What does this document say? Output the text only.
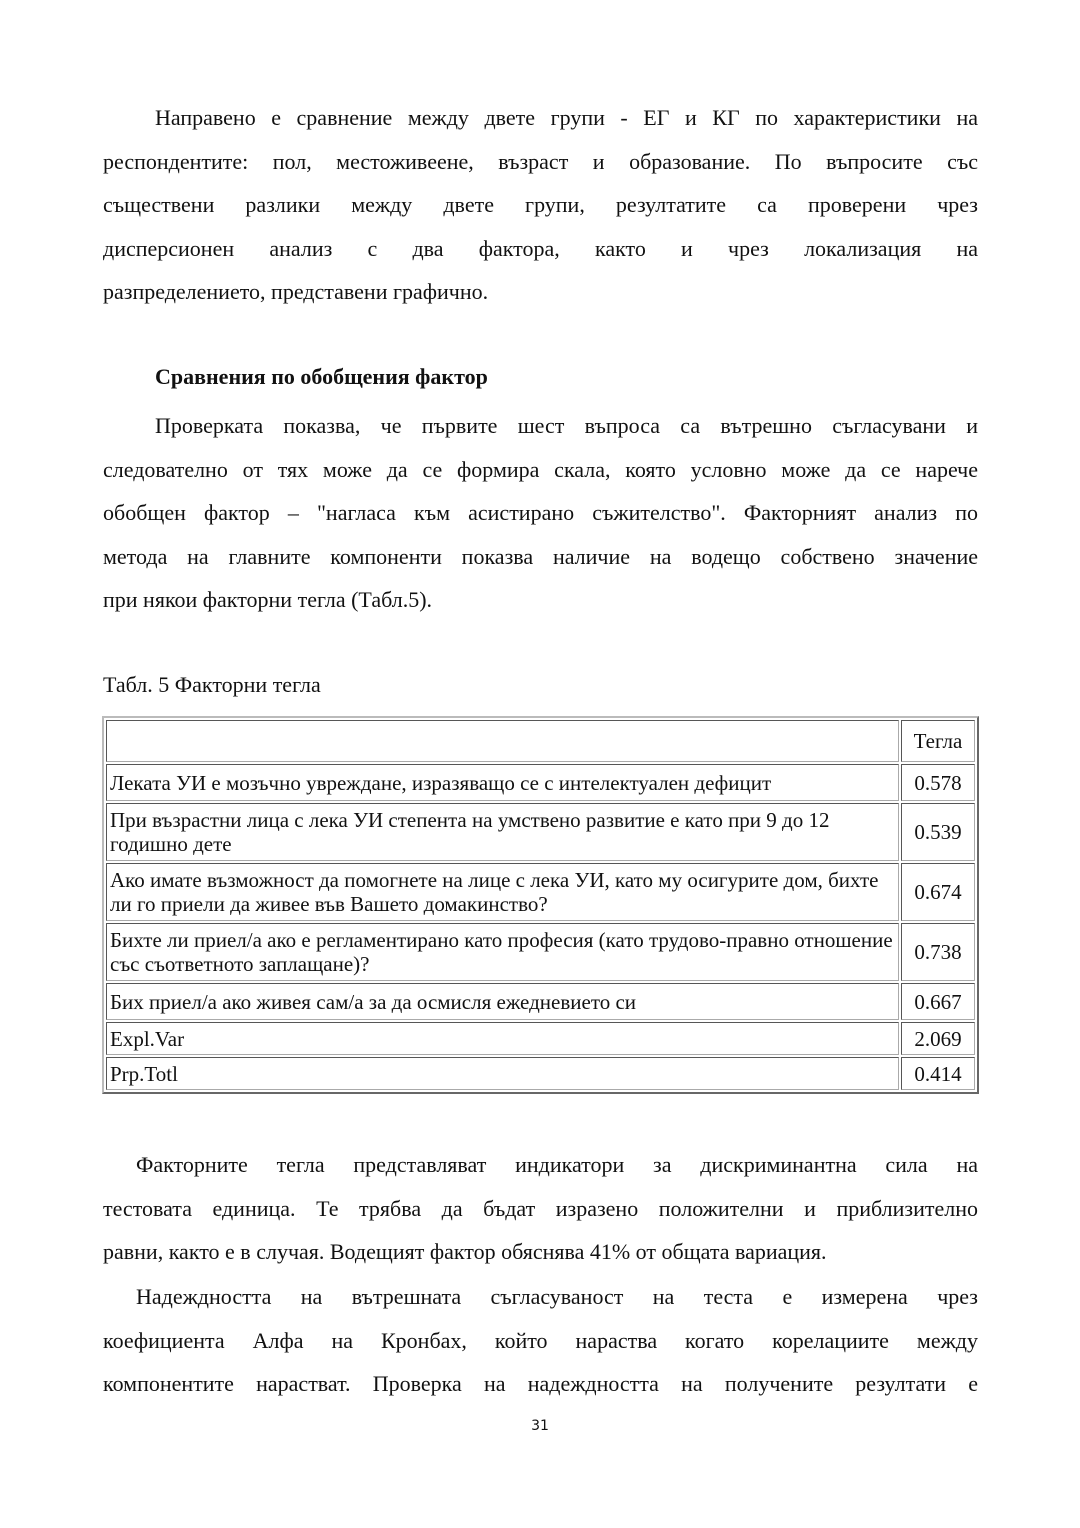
Направено е сравнение между двете групи - ЕГ и КГ по характеристики на
респондентите: пол, местоживеене, възраст и образование. По въпросите със
съществени разлики между двете групи, резултатите са проверени чрез
дисперсионен анализ с два фактора, както и чрез локализация на
разпределението, представени графично.
Сравнения по обобщения фактор
Проверката показва, че първите шест въпроса са вътрешно съгласувани и
следователно от тях може да се формира скала, която условно може да се нарече
обобщен фактор – "нагласа към асистирано съжителство". Факторният анализ по
метода на главните компоненти показва наличие на водещо собствено значение
при някои факторни тегла (Табл.5).
Табл. 5 Факторни тегла
	Тегла
Леката УИ е мозъчно увреждане, изразяващо се с интелектуален дефицит	0.578
При възрастни лица с лека УИ степента на умствено развитие е като при 9 до 12 годишно дете	0.539
Ако имате възможност да помогнете на лице с лека УИ, като му осигурите дом, бихте ли го приели да живее във Вашето домакинство?	0.674
Бихте ли приел/а ако е регламентирано като професия (като трудово-правно отношение със съответното заплащане)?	0.738
Бих приел/а ако живея сам/а за да осмисля ежедневието си	0.667
Expl.Var	2.069
Prp.Totl	0.414
Факторните тегла представляват индикатори за дискриминантна сила на
тестовата единица. Те трябва да бъдат изразено положителни и приблизително
равни, както е в случая. Водещият фактор обяснява 41% от общата вариация.
Надеждността на вътрешната съгласуваност на теста е измерена чрез
коефициента Алфа на Кронбах, който нараства когато корелациите между
компонентите нарастват. Проверка на надеждността на получените резултати е
31
